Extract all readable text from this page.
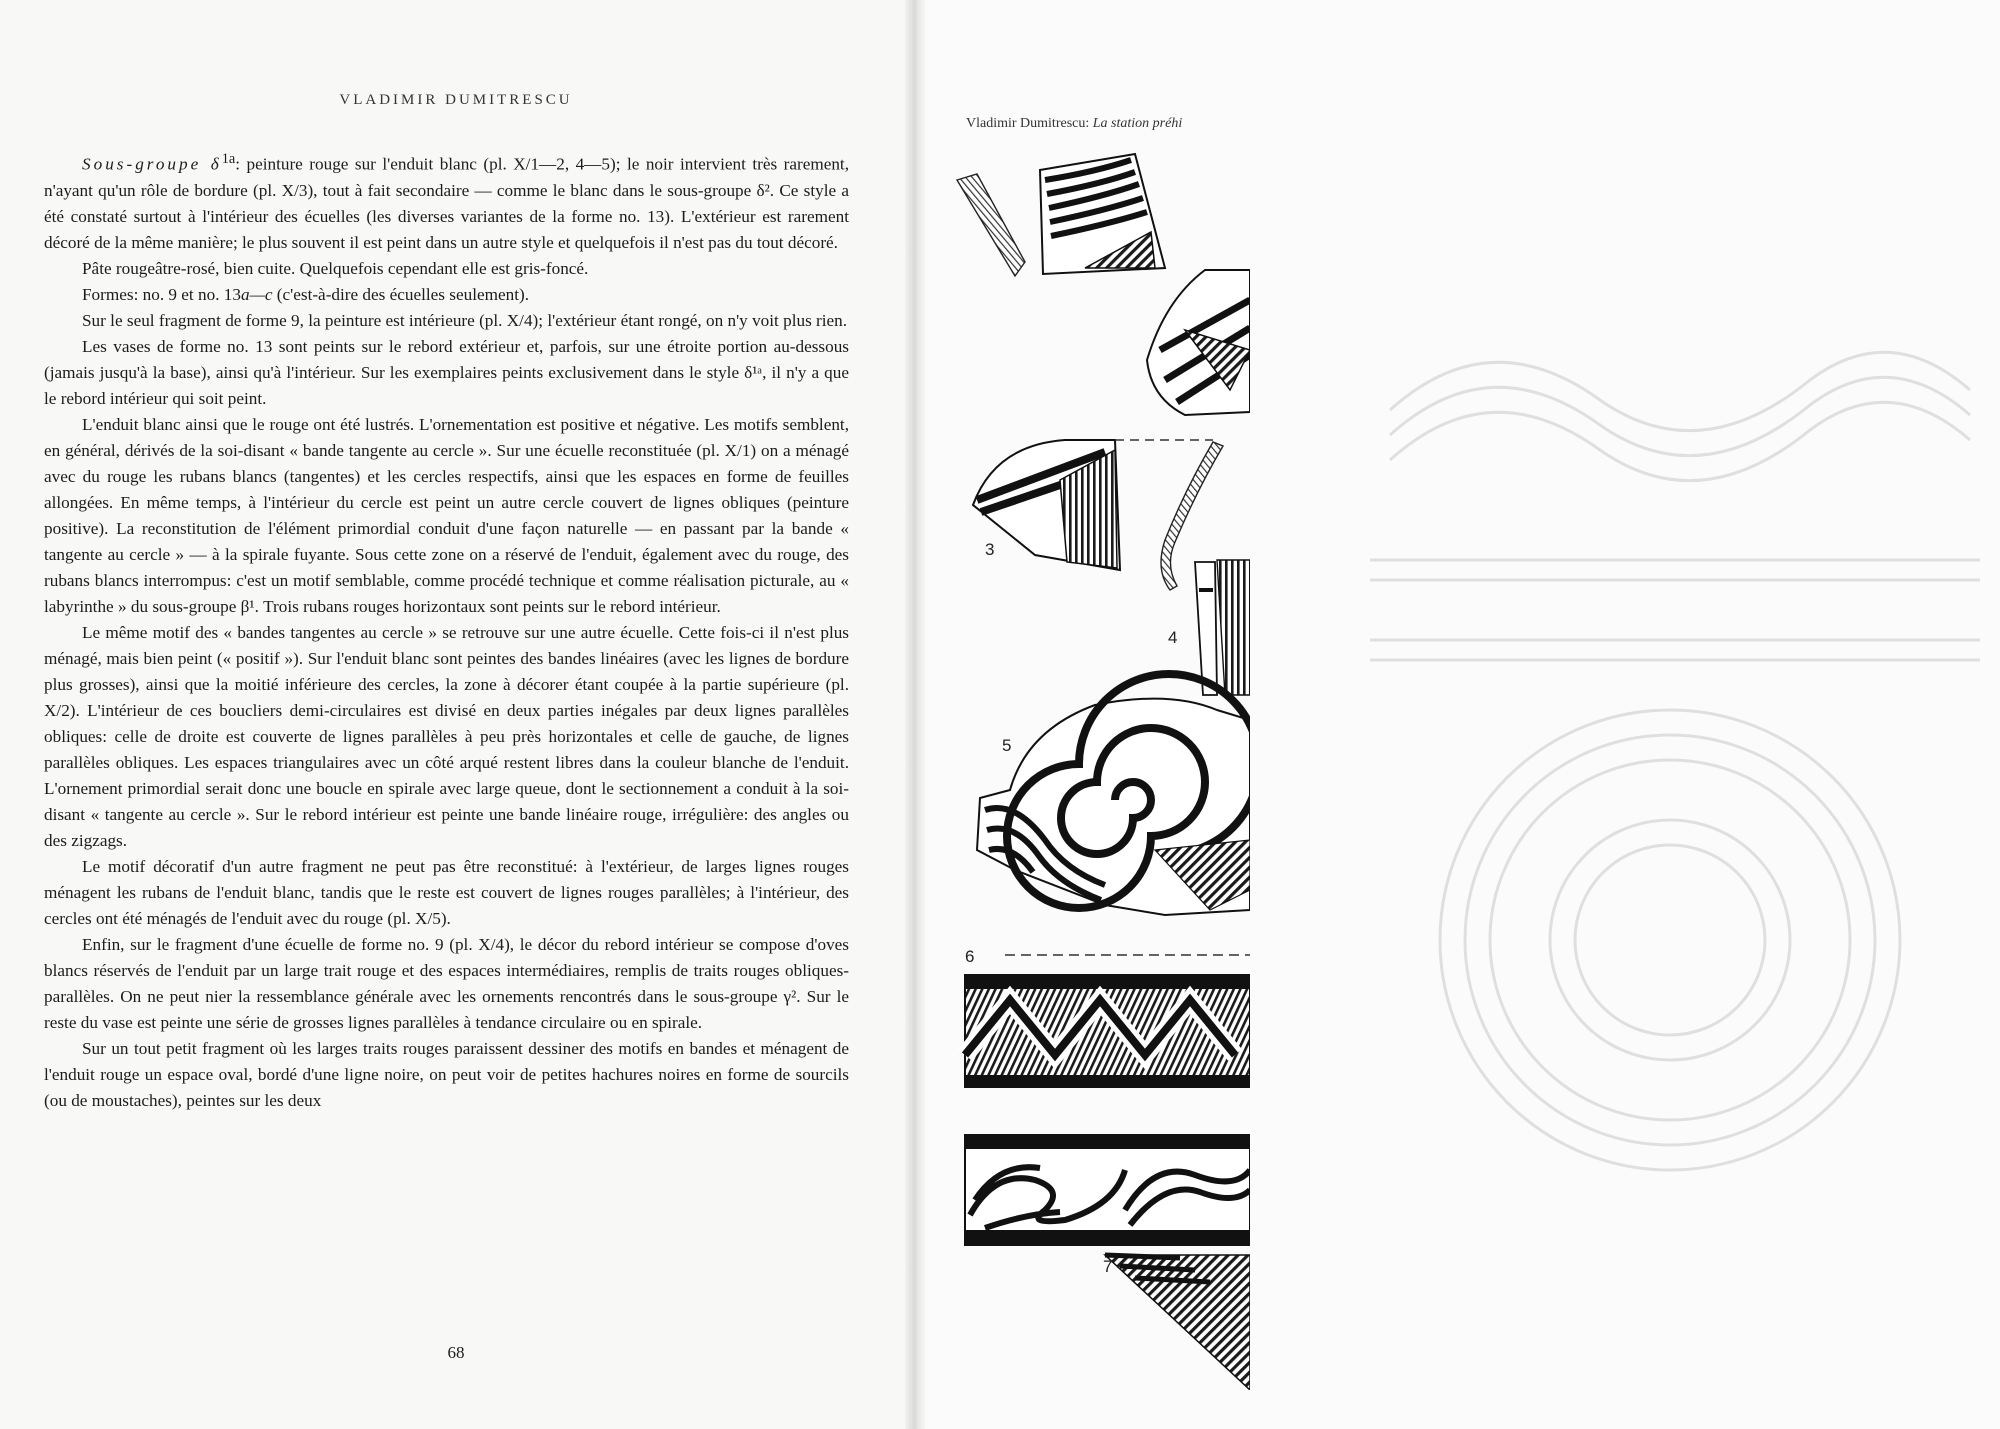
VLADIMIR DUMITRESCU

Sous-groupe $\delta^{1a}$: peinture rouge sur l'enduit blanc (pl. X/1—2, 4—5); le noir intervient très rarement, n'ayant qu'un rôle de bordure (pl. X/3), tout à fait secondaire — comme le blanc dans le sous-groupe δ². Ce style a été constaté surtout à l'intérieur des écuelles (les diverses variantes de la forme no. 13). L'extérieur est rarement décoré de la même manière; le plus souvent il est peint dans un autre style et quelquefois il n'est pas du tout décoré.

Pâte rougeâtre-rosé, bien cuite. Quelquefois cependant elle est gris-foncé.

Formes: no. 9 et no. 13a—c (c'est-à-dire des écuelles seulement).

Sur le seul fragment de forme 9, la peinture est intérieure (pl. X/4); l'extérieur étant rongé, on n'y voit plus rien.

Les vases de forme no. 13 sont peints sur le rebord extérieur et, parfois, sur une étroite portion au-dessous (jamais jusqu'à la base), ainsi qu'à l'intérieur. Sur les exemplaires peints exclusivement dans le style δ¹ᵃ, il n'y a que le rebord intérieur qui soit peint.

L'enduit blanc ainsi que le rouge ont été lustrés. L'ornementation est positive et négative. Les motifs semblent, en général, dérivés de la soi-disant « bande tangente au cercle ». Sur une écuelle reconstituée (pl. X/1) on a ménagé avec du rouge les rubans blancs (tangentes) et les cercles respectifs, ainsi que les espaces en forme de feuilles allongées. En même temps, à l'intérieur du cercle est peint un autre cercle couvert de lignes obliques (peinture positive). La reconstitution de l'élément primordial conduit d'une façon naturelle — en passant par la bande « tangente au cercle » — à la spirale fuyante. Sous cette zone on a réservé de l'enduit, également avec du rouge, des rubans blancs interrompus: c'est un motif semblable, comme procédé technique et comme réalisation picturale, au « labyrinthe » du sous-groupe β¹. Trois rubans rouges horizontaux sont peints sur le rebord intérieur.

Le même motif des « bandes tangentes au cercle » se retrouve sur une autre écuelle. Cette fois-ci il n'est plus ménagé, mais bien peint (« positif »). Sur l'enduit blanc sont peintes des bandes linéaires (avec les lignes de bordure plus grosses), ainsi que la moitié inférieure des cercles, la zone à décorer étant coupée à la partie supérieure (pl. X/2). L'intérieur de ces boucliers demi-circulaires est divisé en deux parties inégales par deux lignes parallèles obliques: celle de droite est couverte de lignes parallèles à peu près horizontales et celle de gauche, de lignes parallèles obliques. Les espaces triangulaires avec un côté arqué restent libres dans la couleur blanche de l'enduit. L'ornement primordial serait donc une boucle en spirale avec large queue, dont le sectionnement a conduit à la soi-disant « tangente au cercle ». Sur le rebord intérieur est peinte une bande linéaire rouge, irrégulière: des angles ou des zigzags.

Le motif décoratif d'un autre fragment ne peut pas être reconstitué: à l'extérieur, de larges lignes rouges ménagent les rubans de l'enduit blanc, tandis que le reste est couvert de lignes rouges parallèles; à l'intérieur, des cercles ont été ménagés de l'enduit avec du rouge (pl. X/5).

Enfin, sur le fragment d'une écuelle de forme no. 9 (pl. X/4), le décor du rebord intérieur se compose d'oves blancs réservés de l'enduit par un large trait rouge et des espaces intermédiaires, remplis de traits rouges obliques-parallèles. On ne peut nier la ressemblance générale avec les ornements rencontrés dans le sous-groupe γ². Sur le reste du vase est peinte une série de grosses lignes parallèles à tendance circulaire ou en spirale.

Sur un tout petit fragment où les larges traits rouges paraissent dessiner des motifs en bandes et ménagent de l'enduit rouge un espace oval, bordé d'une ligne noire, on peut voir de petites hachures noires en forme de sourcils (ou de moustaches), peintes sur les deux

68
Vladimir Dumitrescu: La station préhi
3
4
5
6
7
